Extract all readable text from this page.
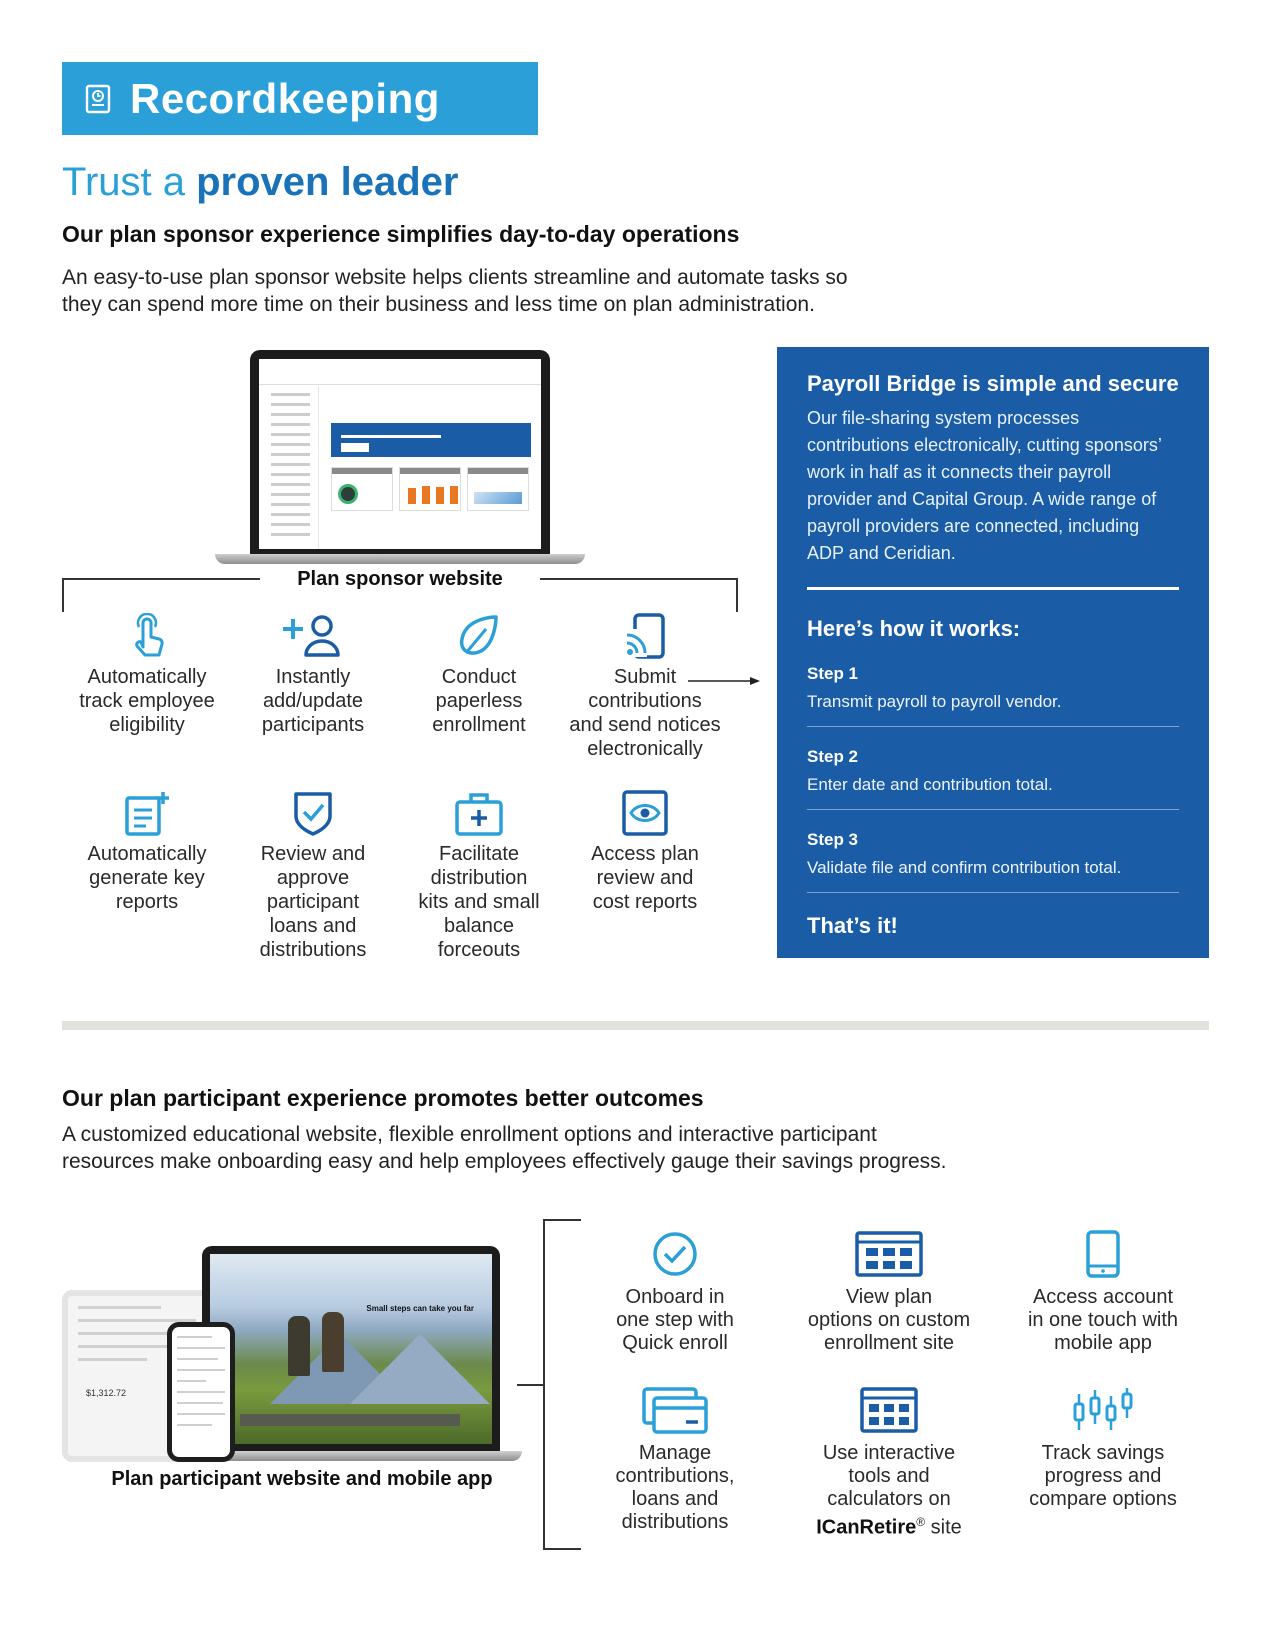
Recordkeeping
Trust a proven leader
Our plan sponsor experience simplifies day-to-day operations
An easy-to-use plan sponsor website helps clients streamline and automate tasks so
they can spend more time on their business and less time on plan administration.
Plan sponsor website
Automatically
track employee
eligibility
Instantly
add/update
participants
Conduct
paperless
enrollment
Submit
contributions
and send notices
electronically
Automatically
generate key
reports
Review and
approve
participant
loans and
distributions
Facilitate
distribution
kits and small
balance
forceouts
Access plan
review and
cost reports
Payroll Bridge is simple and secure
Our file-sharing system processes contributions electronically, cutting sponsors’ work in half as it connects their payroll provider and Capital Group. A wide range of payroll providers are connected, including ADP and Ceridian.
Here’s how it works:
Step 1
Transmit payroll to payroll vendor.
Step 2
Enter date and contribution total.
Step 3
Validate file and confirm contribution total.
That’s it!
Our plan participant experience promotes better outcomes
A customized educational website, flexible enrollment options and interactive participant
resources make onboarding easy and help employees effectively gauge their savings progress.
$1,312.72
Small steps can take you far
Plan participant website and mobile app
Onboard in
one step with
Quick enroll
View plan
options on custom
enrollment site
Access account
in one touch with
mobile app
Manage
contributions,
loans and
distributions
Use interactive
tools and
calculators on
ICanRetire® site
Track savings
progress and
compare options
